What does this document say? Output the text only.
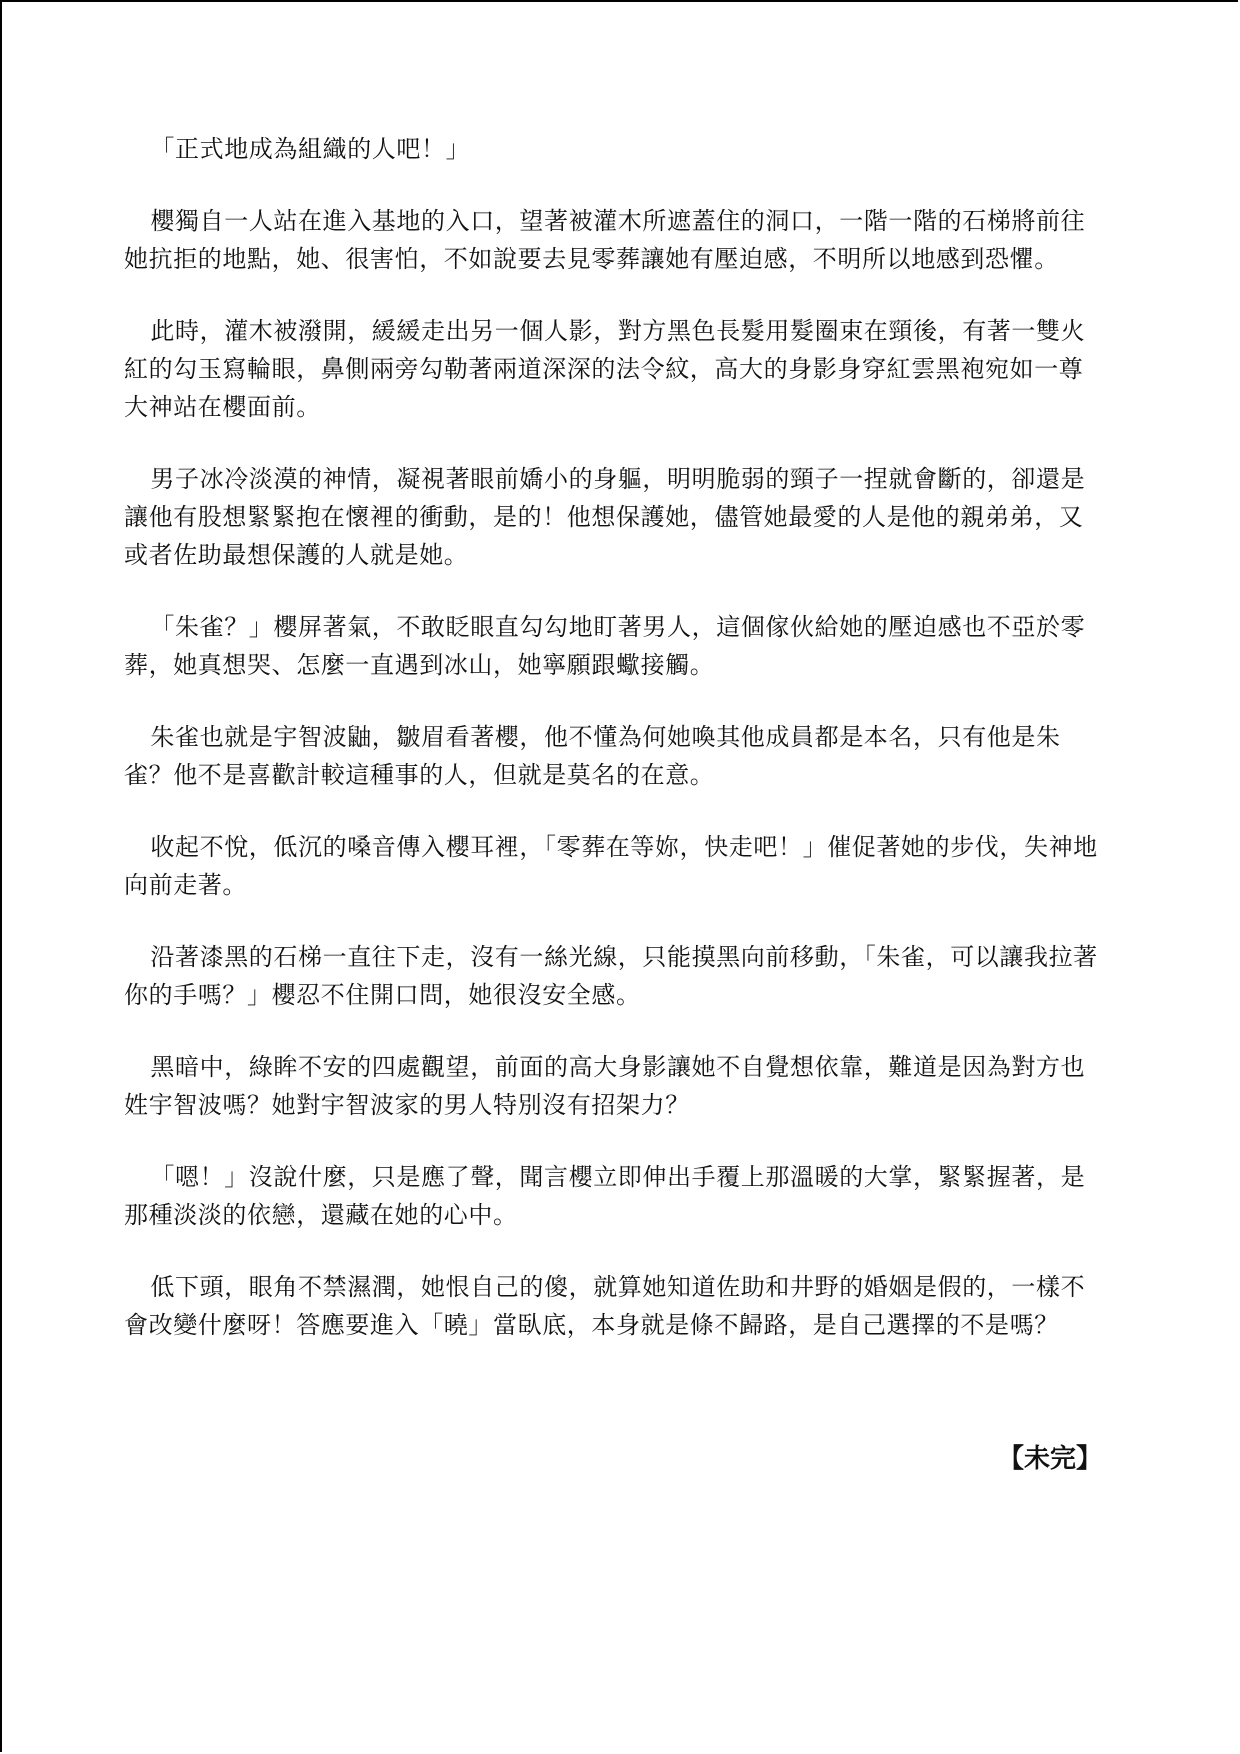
「正式地成為組織的人吧！」

櫻獨自一人站在進入基地的入口，望著被灌木所遮蓋住的洞口，一階一階的石梯將前往她抗拒的地點，她、很害怕，不如說要去見零葬讓她有壓迫感，不明所以地感到恐懼。

此時，灌木被潑開，緩緩走出另一個人影，對方黑色長髮用髮圈束在頸後，有著一雙火紅的勾玉寫輪眼，鼻側兩旁勾勒著兩道深深的法令紋，高大的身影身穿紅雲黑袍宛如一尊大神站在櫻面前。

男子冰冷淡漠的神情，凝視著眼前嬌小的身軀，明明脆弱的頸子一捏就會斷的，卻還是讓他有股想緊緊抱在懷裡的衝動，是的！他想保護她，儘管她最愛的人是他的親弟弟，又或者佐助最想保護的人就是她。

「朱雀？」櫻屏著氣，不敢眨眼直勾勾地盯著男人，這個傢伙給她的壓迫感也不亞於零葬，她真想哭、怎麼一直遇到冰山，她寧願跟蠍接觸。

朱雀也就是宇智波鼬，皺眉看著櫻，他不懂為何她喚其他成員都是本名，只有他是朱雀？他不是喜歡計較這種事的人，但就是莫名的在意。

收起不悅，低沉的嗓音傳入櫻耳裡，「零葬在等妳，快走吧！」催促著她的步伐，失神地向前走著。

沿著漆黑的石梯一直往下走，沒有一絲光線，只能摸黑向前移動，「朱雀，可以讓我拉著你的手嗎？」櫻忍不住開口問，她很沒安全感。

黑暗中，綠眸不安的四處觀望，前面的高大身影讓她不自覺想依靠，難道是因為對方也姓宇智波嗎？她對宇智波家的男人特別沒有招架力？

「嗯！」沒說什麼，只是應了聲，聞言櫻立即伸出手覆上那溫暖的大掌，緊緊握著，是那種淡淡的依戀，還藏在她的心中。

低下頭，眼角不禁濕潤，她恨自己的傻，就算她知道佐助和井野的婚姻是假的，一樣不會改變什麼呀！答應要進入「曉」當臥底，本身就是條不歸路，是自己選擇的不是嗎？

【未完】
